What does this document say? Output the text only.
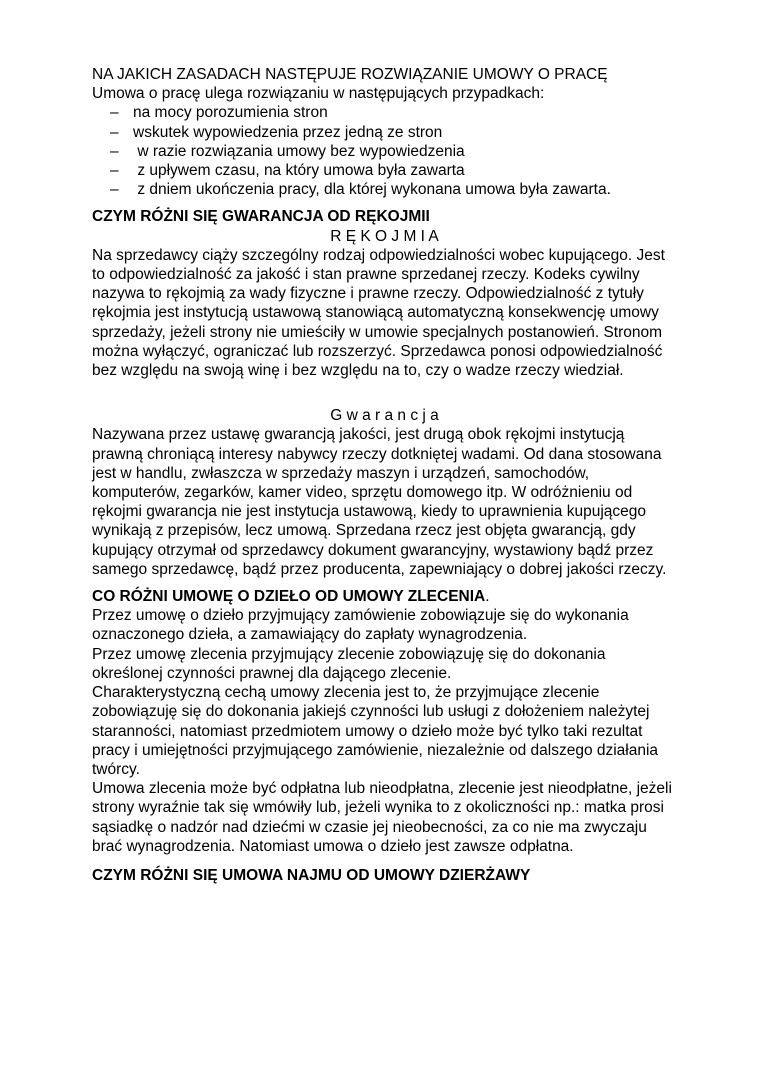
NA JAKICH ZASADACH NASTĘPUJE ROZWIĄZANIE UMOWY O PRACĘ
Umowa o pracę ulega rozwiązaniu w następujących przypadkach:
– na mocy porozumienia stron
– wskutek wypowiedzenia przez jedną ze stron
– w razie rozwiązania umowy bez wypowiedzenia
– z upływem czasu, na który umowa była zawarta
– z dniem ukończenia pracy, dla której wykonana umowa była zawarta.
CZYM RÓŻNI SIĘ GWARANCJA OD RĘKOJMII
R Ę K O J M I A

Na sprzedawcy ciąży szczególny rodzaj odpowiedzialności wobec kupującego. Jest to odpowiedzialność za jakość i stan prawne sprzedanej rzeczy. Kodeks cywilny nazywa to rękojmią za wady fizyczne i prawne rzeczy. Odpowiedzialność z tytuły rękojmia jest instytucją ustawową stanowiącą automatyczną konsekwencję umowy sprzedaży, jeżeli strony nie umieściły w umowie specjalnych postanowień. Stronom można wyłączyć, ograniczać lub rozszerzyć. Sprzedawca ponosi odpowiedzialność bez względu na swoją winę i bez względu na to, czy o wadze rzeczy wiedział.

G w a r a n c j a

Nazywana przez ustawę gwarancją jakości, jest drugą obok rękojmi instytucją prawną chroniącą interesy nabywcy rzeczy dotkniętej wadami. Od dana stosowana jest w handlu, zwłaszcza w sprzedaży maszyn i urządzeń, samochodów, komputerów, zegarków, kamer video, sprzętu domowego itp. W odróżnieniu od rękojmi gwarancja nie jest instytucja ustawową, kiedy to uprawnienia kupującego wynikają z przepisów, lecz umową. Sprzedana rzecz jest objęta gwarancją, gdy kupujący otrzymał od sprzedawcy dokument gwarancyjny, wystawiony bądź przez samego sprzedawcę, bądź przez producenta, zapewniający o dobrej jakości rzeczy.

CO RÓŻNI UMOWĘ O DZIEŁO OD UMOWY ZLECENIA.

Przez umowę o dzieło przyjmujący zamówienie zobowiązuje się do wykonania oznaczonego dzieła, a zamawiający do zapłaty wynagrodzenia.

Przez umowę zlecenia przyjmujący zlecenie zobowiązuję się do dokonania określonej czynności prawnej dla dającego zlecenie.

Charakterystyczną cechą umowy zlecenia jest to, że przyjmujące zlecenie zobowiązuję się do dokonania jakiejś czynności lub usługi z dołożeniem należytej staranności, natomiast przedmiotem umowy o dzieło może być tylko taki rezultat pracy i umiejętności przyjmującego zamówienie, niezależnie od dalszego działania twórcy.

Umowa zlecenia może być odpłatna lub nieodpłatna, zlecenie jest nieodpłatne, jeżeli strony wyraźnie tak się wmówiły lub, jeżeli wynika to z okoliczności np.: matka prosi sąsiadkę o nadzór nad dziećmi w czasie jej nieobecności, za co nie ma zwyczaju brać wynagrodzenia. Natomiast umowa o dzieło jest zawsze odpłatna.

CZYM RÓŻNI SIĘ UMOWA NAJMU OD UMOWY DZIERŻAWY
